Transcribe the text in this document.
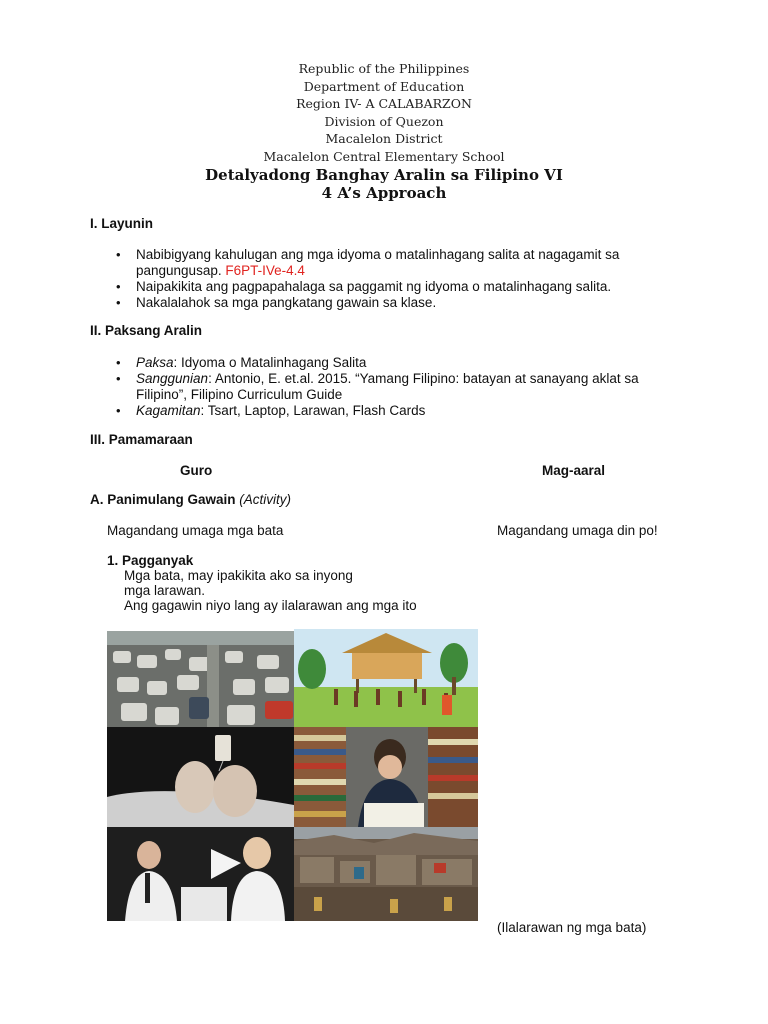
Republic of the Philippines
Department of Education
Region IV- A CALABARZON
Division of Quezon
Macalelon District
Macalelon Central Elementary School
Detalyadong Banghay Aralin sa Filipino VI
4 A’s Approach
I. Layunin
• Nabibigyang kahulugan ang mga idyoma o matalinhagang salita at nagagamit sa pangungusap. F6PT-IVe-4.4
• Naipakikita ang pagpapahalaga sa paggamit ng idyoma o matalinhagang salita.
• Nakalalahok sa mga pangkatang gawain sa klase.
II. Paksang Aralin
• Paksa: Idyoma o Matalinhagang Salita
• Sanggunian: Antonio, E. et.al. 2015. “Yamang Filipino: batayan at sanayang aklat sa Filipino”, Filipino Curriculum Guide
• Kagamitan: Tsart, Laptop, Larawan, Flash Cards
III. Pamamaraan
Guro	Mag-aaral
A. Panimulang Gawain (Activity)
Magandang umaga mga bata	Magandang umaga din po!
1. Pagganyak
Mga bata, may ipakikita ako sa inyong
mga larawan.
Ang gagawin niyo lang ay ilalarawan ang mga ito
(Ilalarawan ng mga bata)
